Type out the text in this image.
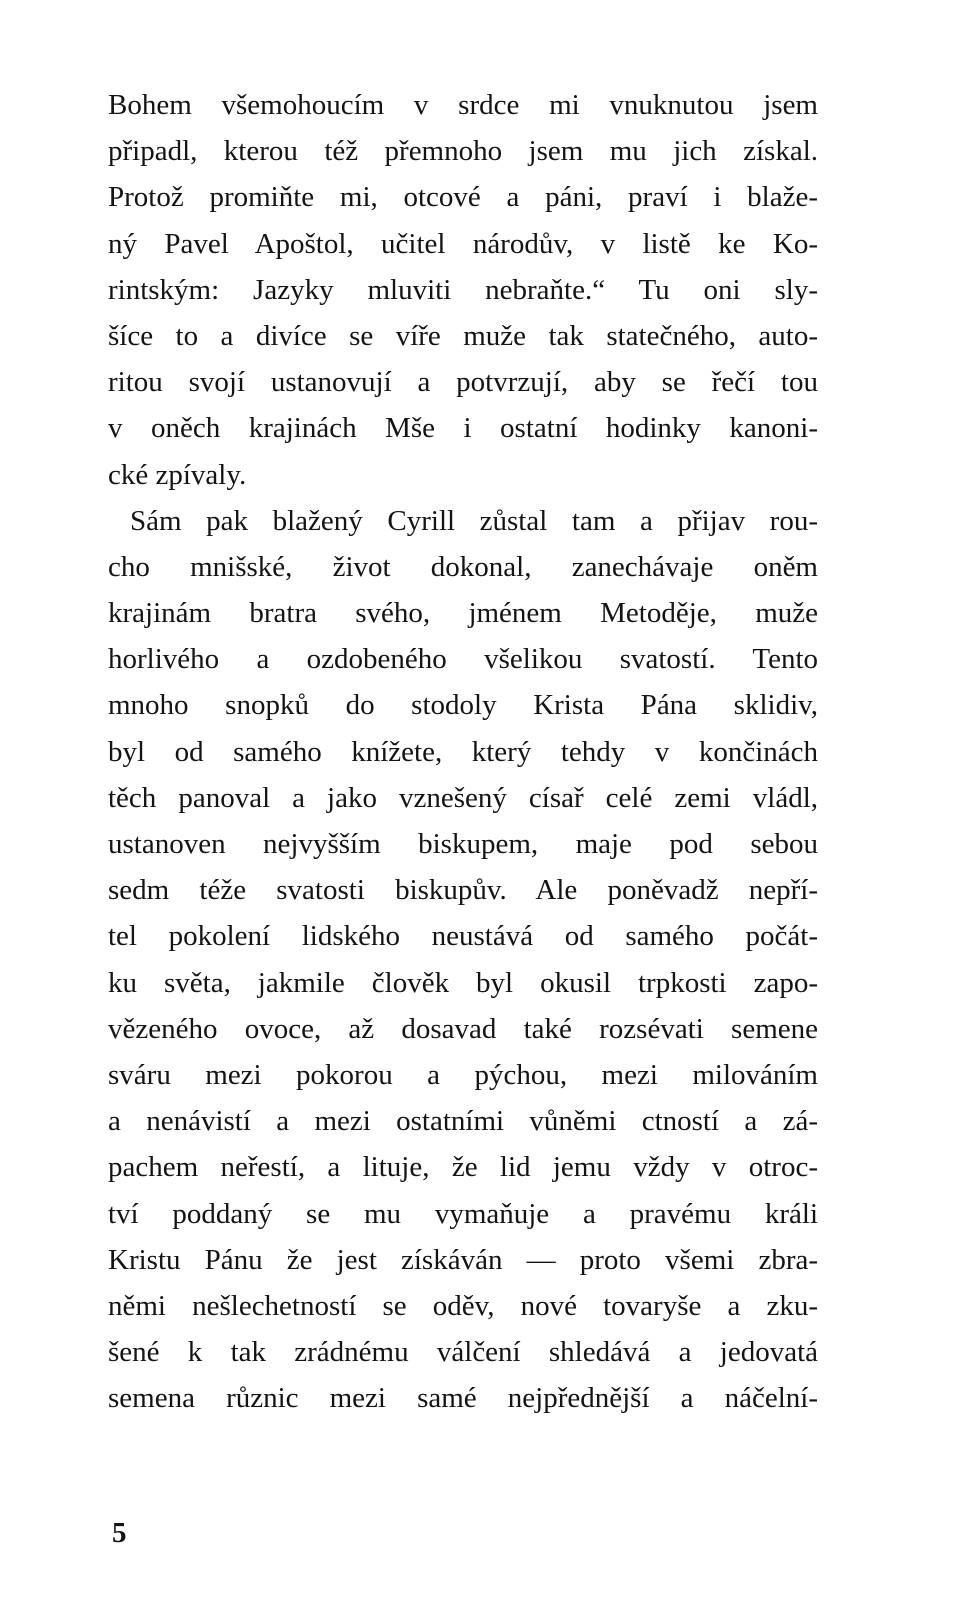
Bohem všemohoucím v srdce mi vnuknutou jsem
připadl, kterou též přemnoho jsem mu jich získal.
Protož promiňte mi, otcové a páni, praví i blaže-
ný Pavel Apoštol, učitel národův, v listě ke Ko-
rintským: Jazyky mluviti nebraňte.“ Tu oni sly-
šíce to a divíce se víře muže tak statečného, auto-
ritou svojí ustanovují a potvrzují, aby se řečí tou
v oněch krajinách Mše i ostatní hodinky kanoni-
cké zpívaly.
Sám pak blažený Cyrill zůstal tam a přijav rou-
cho mnišské, život dokonal, zanechávaje oněm
krajinám bratra svého, jménem Metoděje, muže
horlivého a ozdobeného všelikou svatostí. Tento
mnoho snopků do stodoly Krista Pána sklidiv,
byl od samého knížete, který tehdy v končinách
těch panoval a jako vznešený císař celé zemi vládl,
ustanoven nejvyšším biskupem, maje pod sebou
sedm téže svatosti biskupův. Ale poněvadž nepří-
tel pokolení lidského neustává od samého počát-
ku světa, jakmile člověk byl okusil trpkosti zapo-
vězeného ovoce, až dosavad také rozsévati semene
sváru mezi pokorou a pýchou, mezi milováním
a nenávistí a mezi ostatními vůněmi ctností a zá-
pachem neřestí, a lituje, že lid jemu vždy v otroc-
tví poddaný se mu vymaňuje a pravému králi
Kristu Pánu že jest získáván — proto všemi zbra-
němi nešlechetností se oděv, nové tovaryše a zku-
šené k tak zrádnému válčení shledává a jedovatá
semena různic mezi samé nejpřednější a náčelní-
5
